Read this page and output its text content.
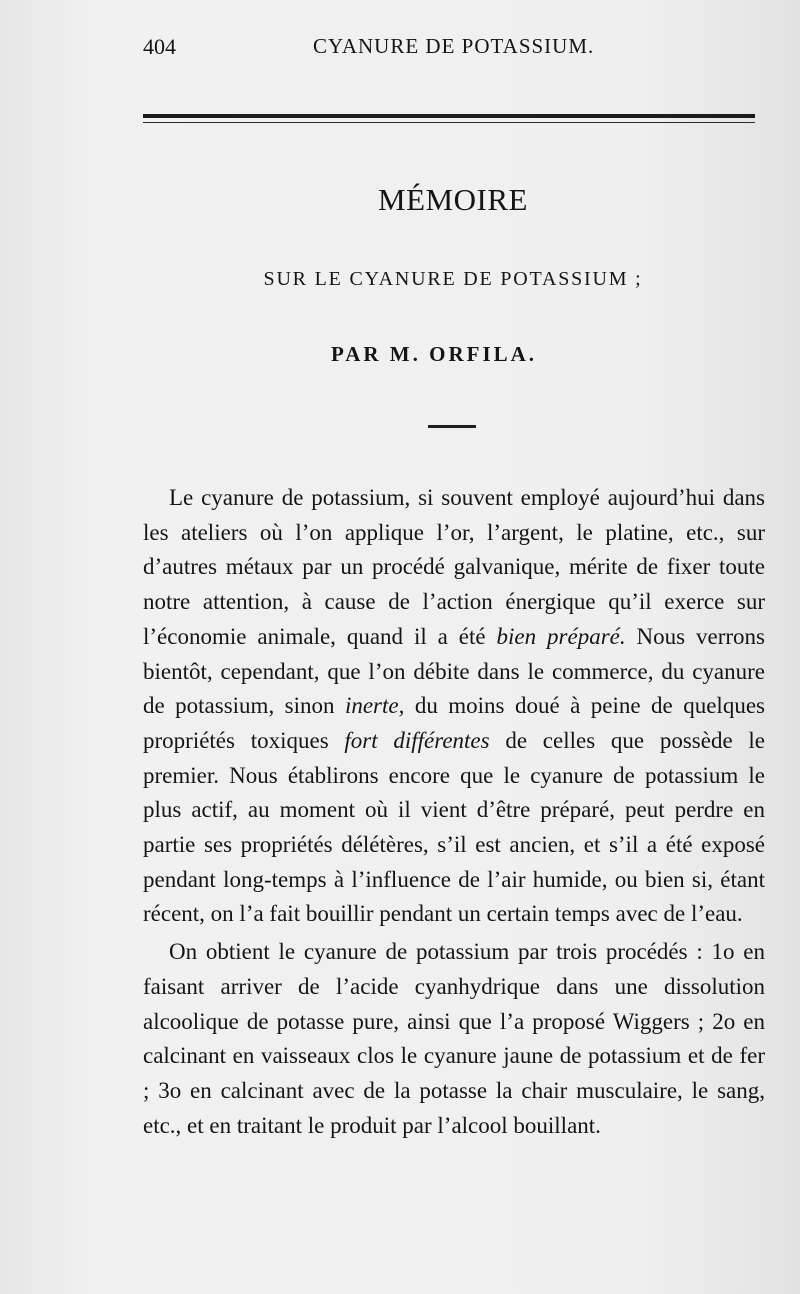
404	CYANURE DE POTASSIUM.
MÉMOIRE
SUR LE CYANURE DE POTASSIUM ;
PAR M. ORFILA.

Le cyanure de potassium, si souvent employé aujourd’hui dans les ateliers où l’on applique l’or, l’argent, le platine, etc., sur d’autres métaux par un procédé galvanique, mérite de fixer toute notre attention, à cause de l’action énergique qu’il exerce sur l’économie animale, quand il a été bien préparé. Nous verrons bientôt, cependant, que l’on débite dans le commerce, du cyanure de potassium, sinon inerte, du moins doué à peine de quelques propriétés toxiques fort différentes de celles que possède le premier. Nous établirons encore que le cyanure de potassium le plus actif, au moment où il vient d’être préparé, peut perdre en partie ses propriétés délétères, s’il est ancien, et s’il a été exposé pendant long-temps à l’influence de l’air humide, ou bien si, étant récent, on l’a fait bouillir pendant un certain temps avec de l’eau.

On obtient le cyanure de potassium par trois procédés : 1o en faisant arriver de l’acide cyanhydrique dans une dissolution alcoolique de potasse pure, ainsi que l’a proposé Wiggers ; 2o en calcinant en vaisseaux clos le cyanure jaune de potassium et de fer ; 3o en calcinant avec de la potasse la chair musculaire, le sang, etc., et en traitant le produit par l’alcool bouillant.
